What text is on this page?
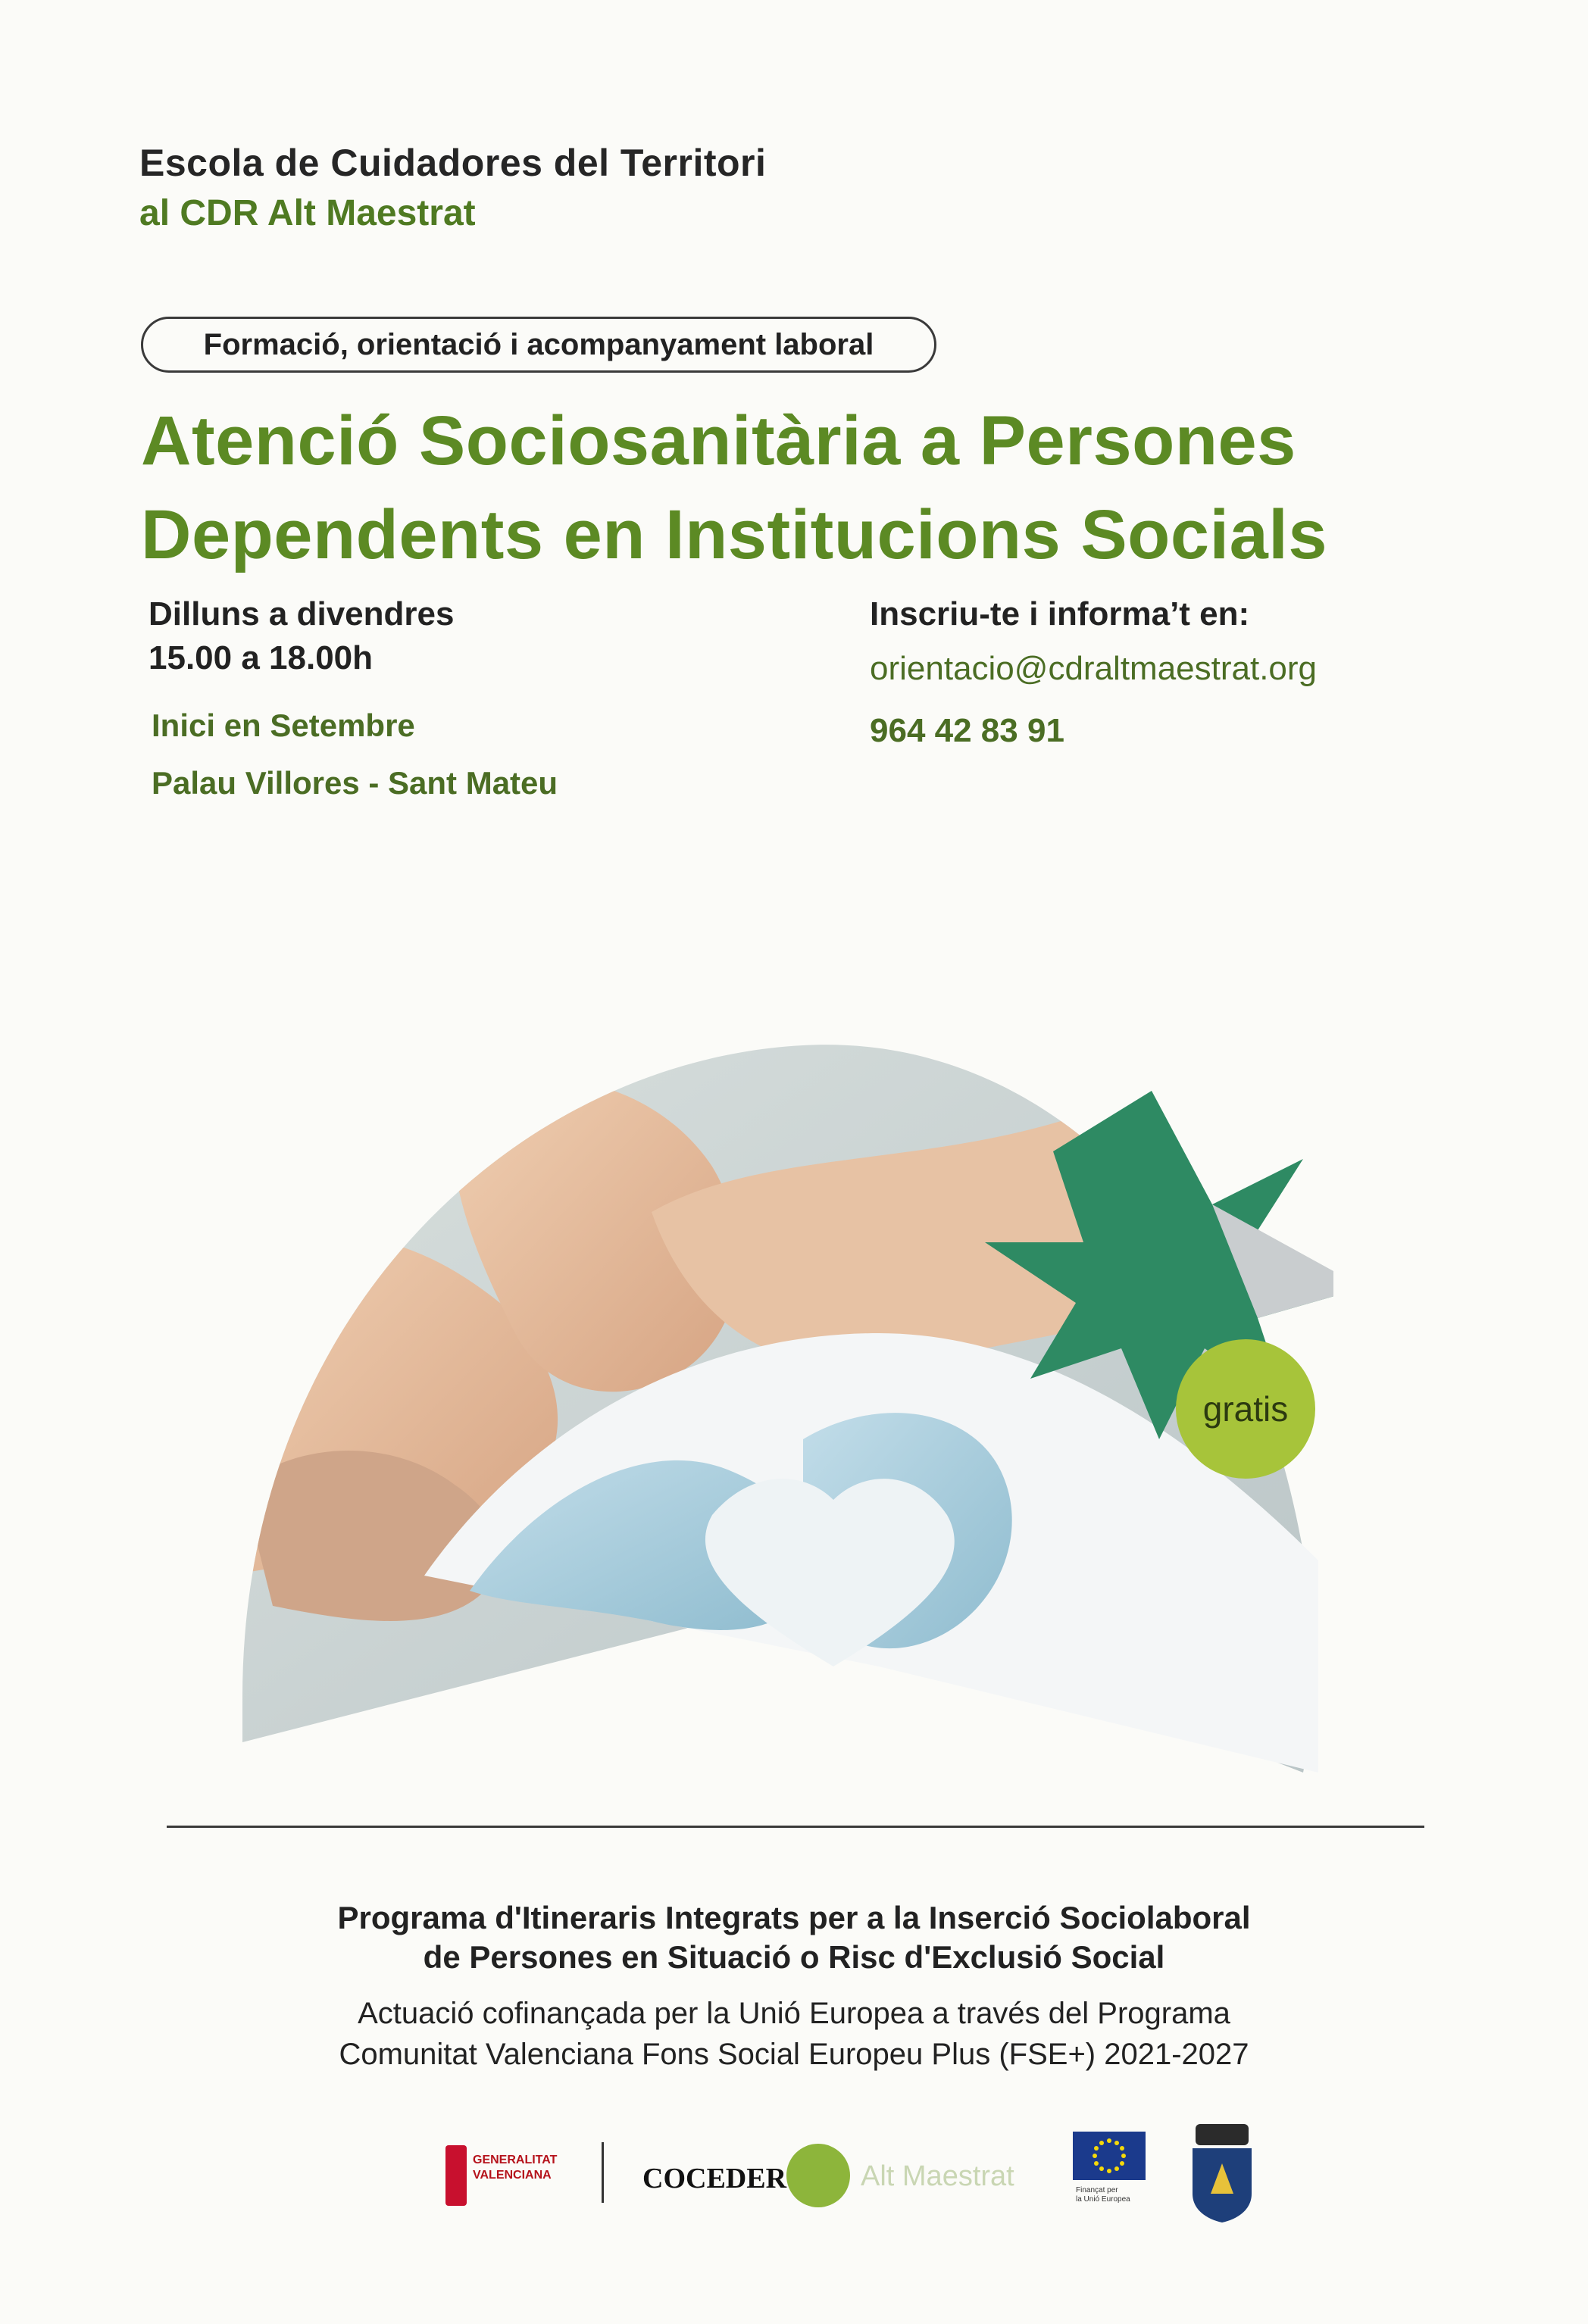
Escola de Cuidadores del Territori
al CDR Alt Maestrat
Formació, orientació i acompanyament laboral
Atenció Sociosanitària a Persones
Dependents en Institucions Socials
Dilluns a divendres
15.00 a 18.00h
Inici en Setembre
Palau Villores - Sant Mateu
Inscriu-te i informa’t en:
orientacio@cdraltmaestrat.org
964 42 83 91
gratis
Programa d'Itineraris Integrats per a la Inserció Sociolaboral
de Persones en Situació o Risc d'Exclusió Social
Actuació cofinançada per la Unió Europea a través del Programa
Comunitat Valenciana Fons Social Europeu Plus (FSE+) 2021-2027
GENERALITAT
VALENCIANA	COCEDER	Alt Maestrat	Finançat per
la Unió Europea
